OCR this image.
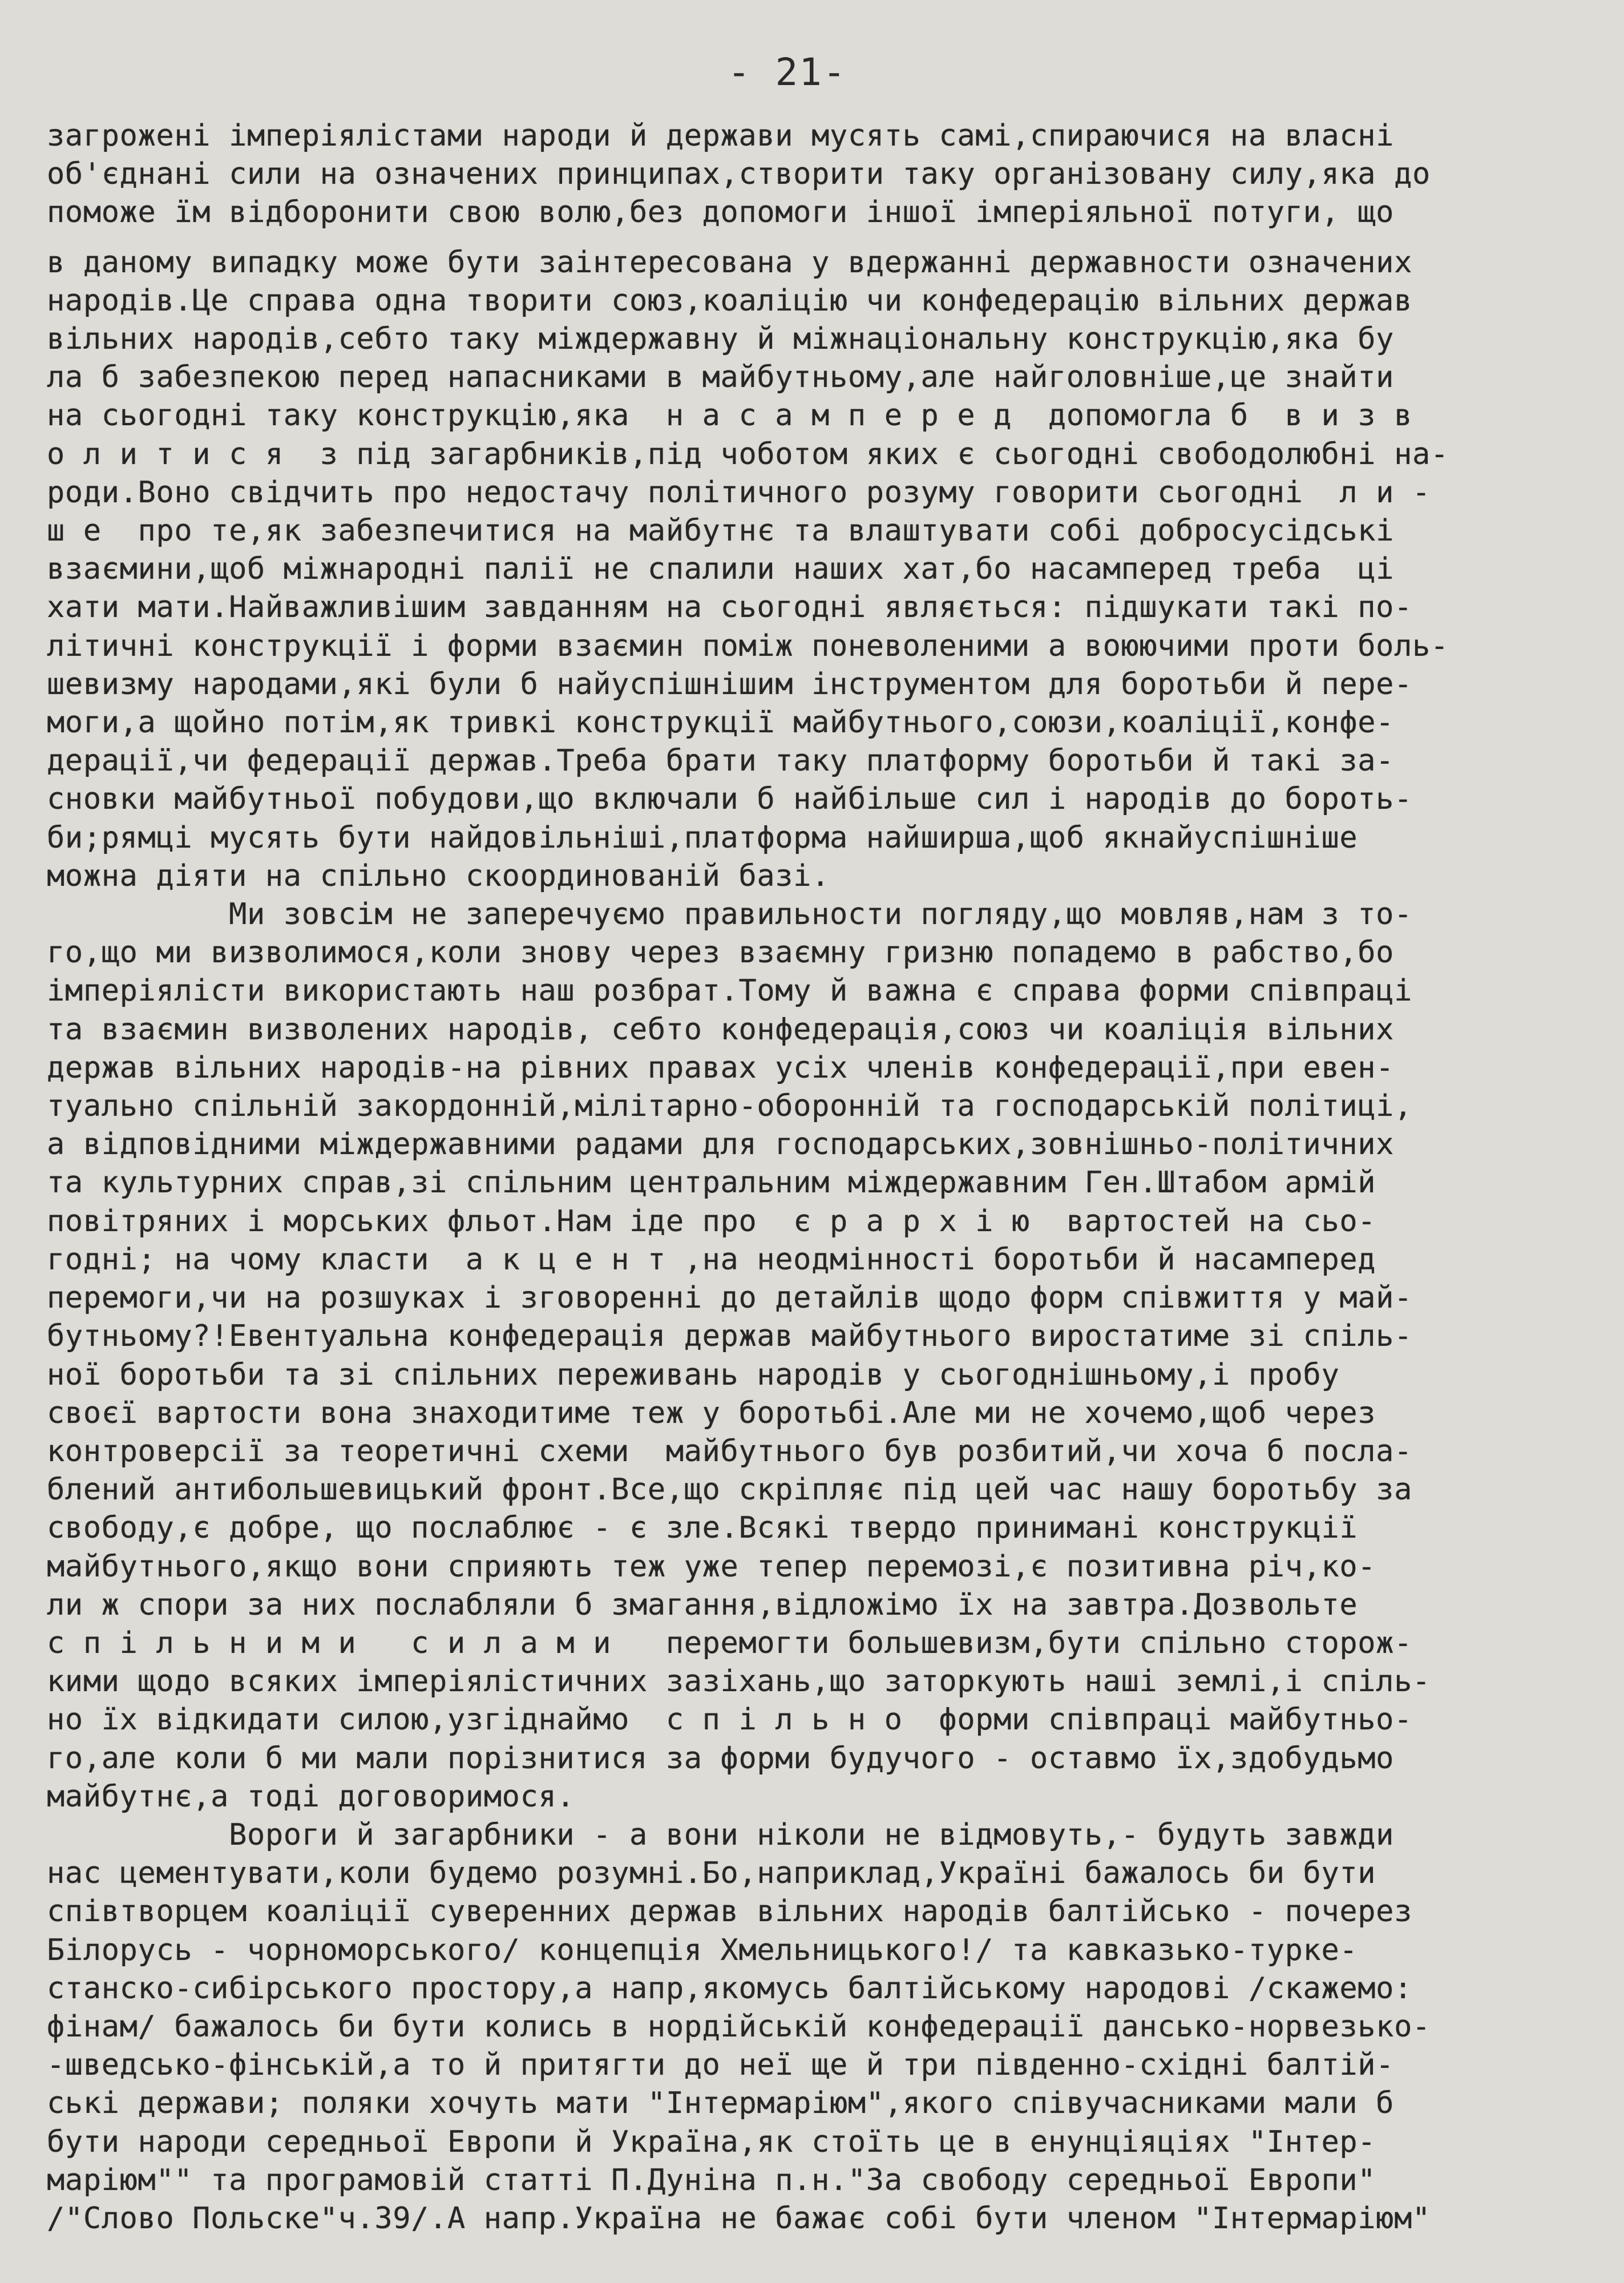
- 21-

загрожені імперіялістами народи й держави мусять самі,спираючися на власні
об'єднані сили на означених принципах,створити таку організовану силу,яка до
поможе їм відборонити свою волю,без допомоги іншої імперіяльної потуги, що
в даному випадку може бути заінтересована у вдержанні державности означених
народів.Це справа одна творити союз,коаліцію чи конфедерацію вільних держав
вільних народів,себто таку міждержавну й міжнаціональну конструкцію,яка бу
ла б забезпекою перед напасниками в майбутньому,але найголовніше,це знайти
на сьогодні таку конструкцію,яка  н а с а м п е р е д  допомогла б  в и з в
о л и т и с я  з під загарбників,під чоботом яких є сьогодні свободолюбні на-
роди.Воно свідчить про недостачу політичного розуму говорити сьогодні  л и -
ш е  про те,як забезпечитися на майбутнє та влаштувати собі добросусідські
взаємини,щоб міжнародні палії не спалили наших хат,бо насамперед треба  ці
хати мати.Найважливішим завданням на сьогодні являється: підшукати такі по-
літичні конструкції і форми взаємин поміж поневоленими а воюючими проти боль-
шевизму народами,які були б найуспішнішим інструментом для боротьби й пере-
моги,а щойно потім,як тривкі конструкції майбутнього,союзи,коаліції,конфе-
дерації,чи федерації держав.Треба брати таку платформу боротьби й такі за-
сновки майбутньої побудови,що включали б найбільше сил і народів до бороть-
би;рямці мусять бути найдовільніші,платформа найширша,щоб якнайуспішніше
можна діяти на спільно скоординованій базі.
Ми зовсім не заперечуємо правильности погляду,що мовляв,нам з то-
го,що ми визволимося,коли знову через взаємну гризню попадемо в рабство,бо
імперіялісти використають наш розбрат.Тому й важна є справа форми співпраці
та взаємин визволених народів, себто конфедерація,союз чи коаліція вільних
держав вільних народів-на рівних правах усіх членів конфедерації,при евен-
туально спільній закордонній,мілітарно-оборонній та господарській політиці,
а відповідними міждержавними радами для господарських,зовнішньо-політичних
та культурних справ,зі спільним центральним міждержавним Ген.Штабом армій
повітряних і морських фльот.Нам іде про  є р а р х і ю  вартостей на сьо-
годні; на чому класти  а к ц е н т ,на неодмінності боротьби й насамперед
перемоги,чи на розшуках і зговоренні до детайлів щодо форм співжиття у май-
бутньому?!Евентуальна конфедерація держав майбутнього виростатиме зі спіль-
ної боротьби та зі спільних переживань народів у сьогоднішньому,і пробу
своєї вартости вона знаходитиме теж у боротьбі.Але ми не хочемо,щоб через
контроверсії за теоретичні схеми  майбутнього був розбитий,чи хоча б посла-
блений антибольшевицький фронт.Все,що скріпляє під цей час нашу боротьбу за
свободу,є добре, що послаблює - є зле.Всякі твердо принимані конструкції
майбутнього,якщо вони сприяють теж уже тепер перемозі,є позитивна річ,ко-
ли ж спори за них послабляли б змагання,відложімо їх на завтра.Дозвольте
с п і л ь н и м и   с и л а м и   перемогти большевизм,бути спільно сторож-
кими щодо всяких імперіялістичних зазіхань,що заторкують наші землі,і спіль-
но їх відкидати силою,узгіднаймо  с п і л ь н о  форми співпраці майбутньо-
го,але коли б ми мали порізнитися за форми будучого - оставмо їх,здобудьмо
майбутнє,а тоді договоримося.
Вороги й загарбники - а вони ніколи не відмовуть,- будуть завжди
нас цементувати,коли будемо розумні.Бо,наприклад,Україні бажалось би бути
співтворцем коаліції суверенних держав вільних народів балтійсько - почерез
Білорусь - чорноморського/ концепція Хмельницького!/ та кавказько-турке-
станско-сибірського простору,а напр,якомусь балтійському народові /скажемо:
фінам/ бажалось би бути колись в нордійській конфедерації дансько-норвезько-
-шведсько-фінській,а то й притягти до неї ще й три південно-східні балтій-
ські держави; поляки хочуть мати "Інтермаріюм",якого співучасниками мали б
бути народи середньої Европи й Україна,як стоїть це в енунціяціях "Інтер-
маріюм"" та програмовій статті П.Дуніна п.н."За свободу середньої Европи"
/"Слово Польске"ч.39/.А напр.Україна не бажає собі бути членом "Інтермаріюм"
